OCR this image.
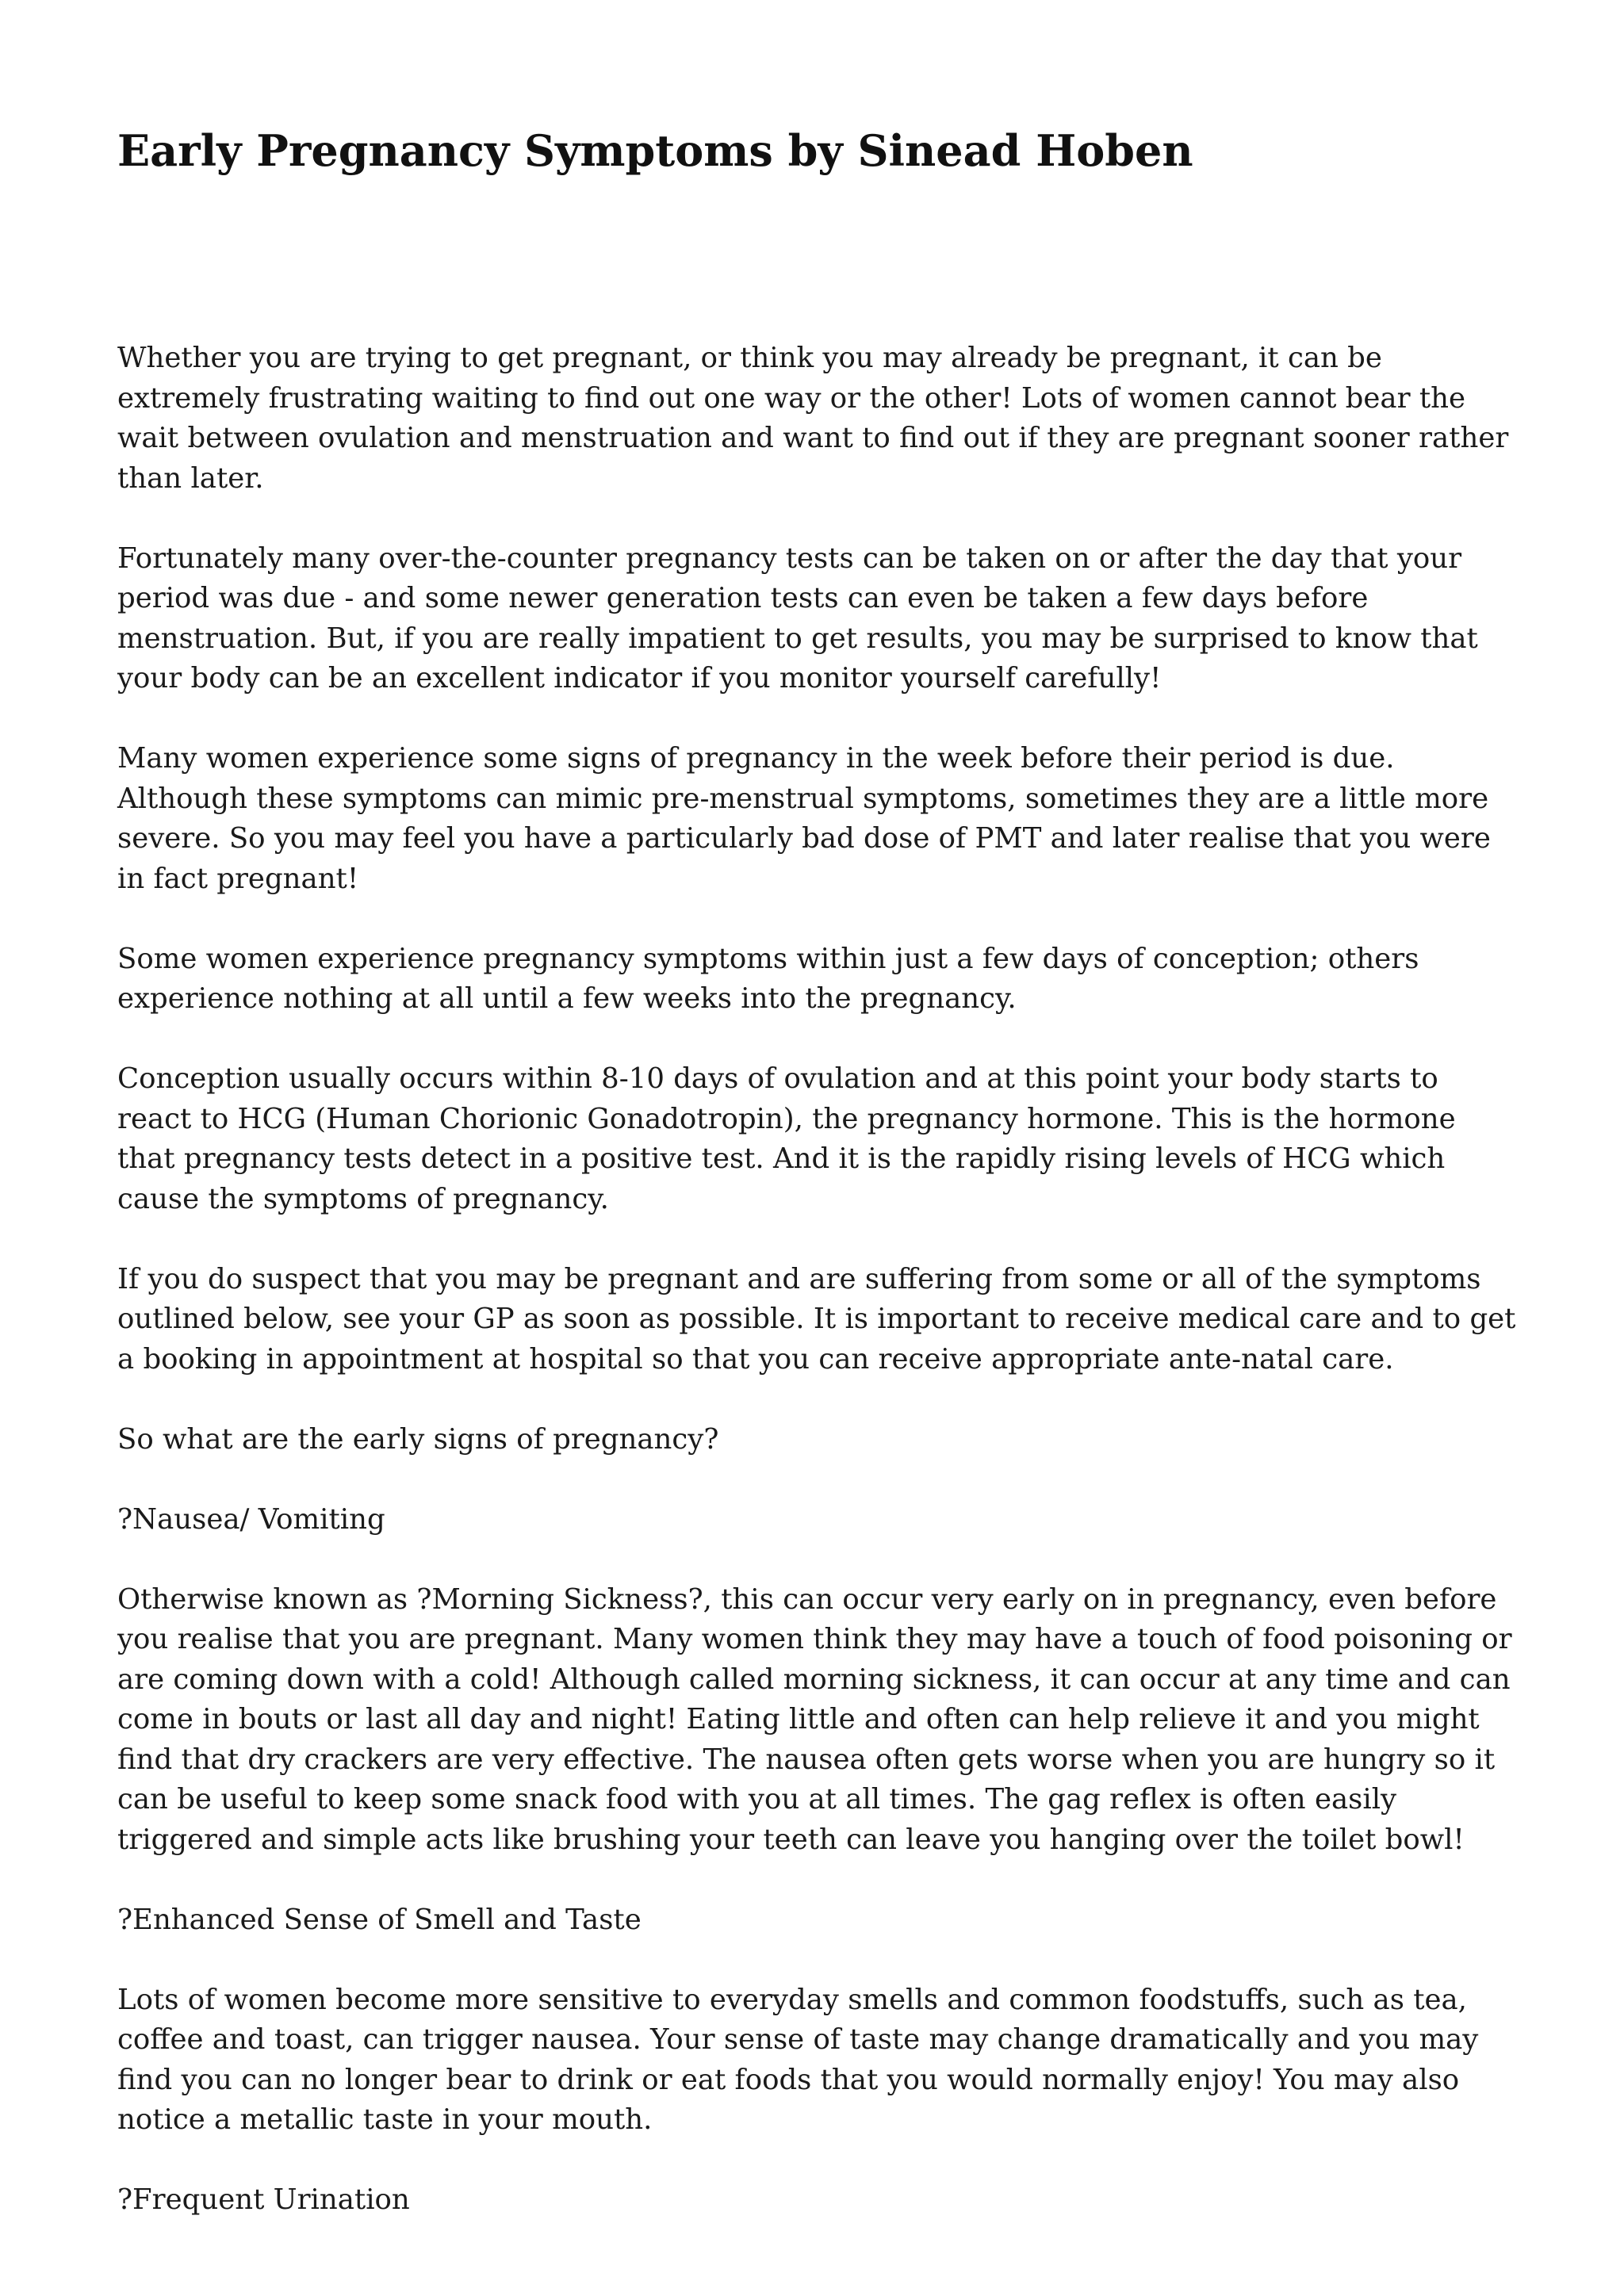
Early Pregnancy Symptoms by Sinead Hoben

Whether you are trying to get pregnant, or think you may already be pregnant, it can be extremely frustrating waiting to find out one way or the other! Lots of women cannot bear the wait between ovulation and menstruation and want to find out if they are pregnant sooner rather than later.

Fortunately many over-the-counter pregnancy tests can be taken on or after the day that your period was due - and some newer generation tests can even be taken a few days before menstruation. But, if you are really impatient to get results, you may be surprised to know that your body can be an excellent indicator if you monitor yourself carefully!

Many women experience some signs of pregnancy in the week before their period is due. Although these symptoms can mimic pre-menstrual symptoms, sometimes they are a little more severe. So you may feel you have a particularly bad dose of PMT and later realise that you were in fact pregnant!

Some women experience pregnancy symptoms within just a few days of conception; others experience nothing at all until a few weeks into the pregnancy.

Conception usually occurs within 8-10 days of ovulation and at this point your body starts to react to HCG (Human Chorionic Gonadotropin), the pregnancy hormone. This is the hormone that pregnancy tests detect in a positive test. And it is the rapidly rising levels of HCG which cause the symptoms of pregnancy.

If you do suspect that you may be pregnant and are suffering from some or all of the symptoms outlined below, see your GP as soon as possible. It is important to receive medical care and to get a booking in appointment at hospital so that you can receive appropriate ante-natal care.

So what are the early signs of pregnancy?

?Nausea/ Vomiting

Otherwise known as ?Morning Sickness?, this can occur very early on in pregnancy, even before you realise that you are pregnant. Many women think they may have a touch of food poisoning or are coming down with a cold! Although called morning sickness, it can occur at any time and can come in bouts or last all day and night! Eating little and often can help relieve it and you might find that dry crackers are very effective. The nausea often gets worse when you are hungry so it can be useful to keep some snack food with you at all times. The gag reflex is often easily triggered and simple acts like brushing your teeth can leave you hanging over the toilet bowl!

?Enhanced Sense of Smell and Taste

Lots of women become more sensitive to everyday smells and common foodstuffs, such as tea, coffee and toast, can trigger nausea. Your sense of taste may change dramatically and you may find you can no longer bear to drink or eat foods that you would normally enjoy! You may also notice a metallic taste in your mouth.

?Frequent Urination
